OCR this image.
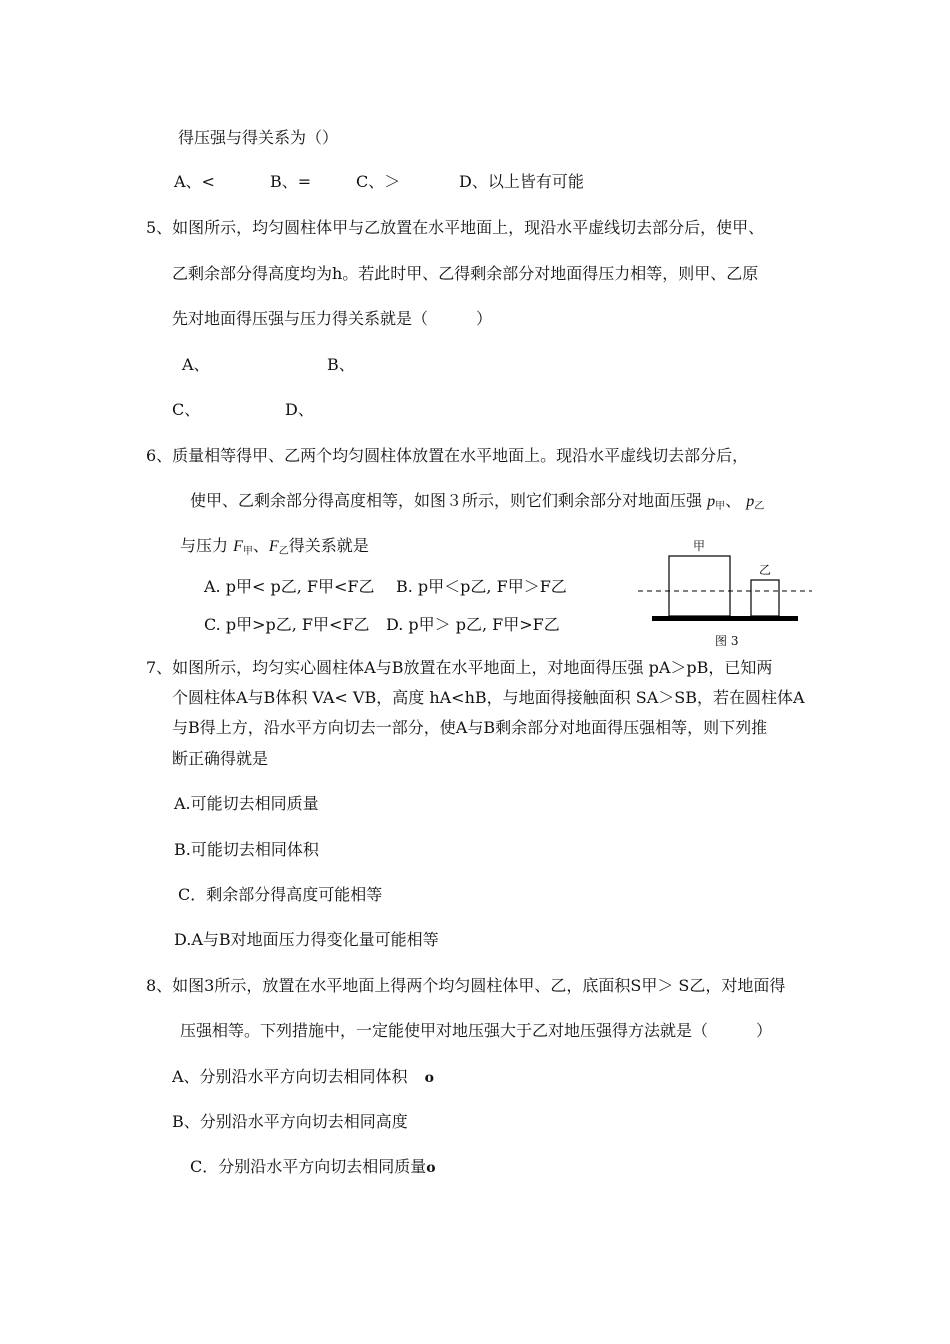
得压强与得关系为（）
A、<	B、=	C、＞	D、以上皆有可能
5、如图所示，均匀圆柱体甲与乙放置在水平地面上，现沿水平虚线切去部分后，使甲、
乙剩余部分得高度均为h。若此时甲、乙得剩余部分对地面得压力相等，则甲、乙原
先对地面得压强与压力得关系就是（　　　）
A、	B、
C、	D、
6、质量相等得甲、乙两个均匀圆柱体放置在水平地面上。现沿水平虚线切去部分后，
使甲、乙剩余部分得高度相等，如图３所示，则它们剩余部分对地面压强 $p_甲$、 $p_乙$
与压力 $F_甲$、$F_乙$得关系就是
A. p甲< p乙, F甲<F乙 B. p甲＜p乙, F甲＞F乙
C. p甲>p乙, F甲<F乙 D. p甲＞ p乙, F甲>F乙
甲
乙
图 3
7、如图所示，均匀实心圆柱体A与B放置在水平地面上，对地面得压强 pA＞pB，已知两
个圆柱体A与B体积 VA< VB，高度 hA<hB，与地面得接触面积 SA＞SB，若在圆柱体A
与B得上方，沿水平方向切去一部分，使A与B剩余部分对地面得压强相等，则下列推
断正确得就是
A.可能切去相同质量
B.可能切去相同体积
C．剩余部分得高度可能相等
D.A与B对地面压力得变化量可能相等
8、如图3所示，放置在水平地面上得两个均匀圆柱体甲、乙，底面积S甲＞ S乙，对地面得
压强相等。下列措施中，一定能使甲对地压强大于乙对地压强得方法就是（　　　）
A、分别沿水平方向切去相同体积 o
B、分别沿水平方向切去相同高度
C．分别沿水平方向切去相同质量o
